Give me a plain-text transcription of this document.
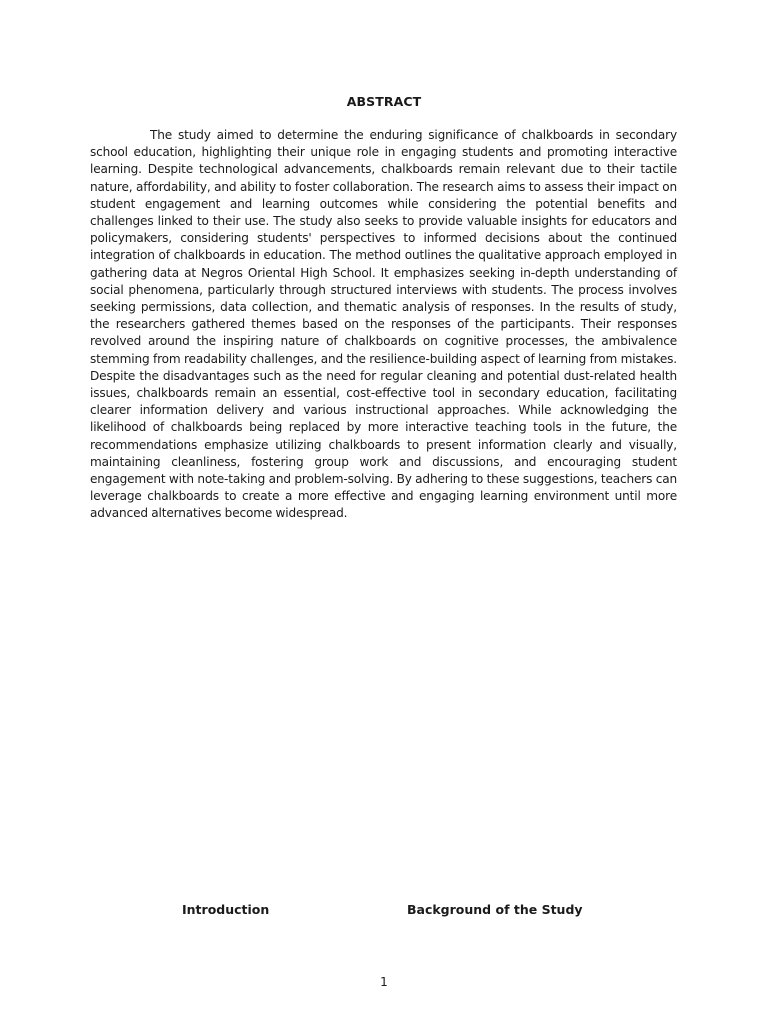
ABSTRACT

The study aimed to determine the enduring significance of chalkboards in secondary school education, highlighting their unique role in engaging students and promoting interactive learning. Despite technological advancements, chalkboards remain relevant due to their tactile nature, affordability, and ability to foster collaboration. The research aims to assess their impact on student engagement and learning outcomes while considering the potential benefits and challenges linked to their use. The study also seeks to provide valuable insights for educators and policymakers, considering students' perspectives to informed decisions about the continued integration of chalkboards in education. The method outlines the qualitative approach employed in gathering data at Negros Oriental High School. It emphasizes seeking in-depth understanding of social phenomena, particularly through structured interviews with students. The process involves seeking permissions, data collection, and thematic analysis of responses. In the results of study, the researchers gathered themes based on the responses of the participants. Their responses revolved around the inspiring nature of chalkboards on cognitive processes, the ambivalence stemming from readability challenges, and the resilience-building aspect of learning from mistakes. Despite the disadvantages such as the need for regular cleaning and potential dust-related health issues, chalkboards remain an essential, cost-effective tool in secondary education, facilitating clearer information delivery and various instructional approaches. While acknowledging the likelihood of chalkboards being replaced by more interactive teaching tools in the future, the recommendations emphasize utilizing chalkboards to present information clearly and visually, maintaining cleanliness, fostering group work and discussions, and encouraging student engagement with note-taking and problem-solving. By adhering to these suggestions, teachers can leverage chalkboards to create a more effective and engaging learning environment until more advanced alternatives become widespread.

Introduction	Background of the Study
1
